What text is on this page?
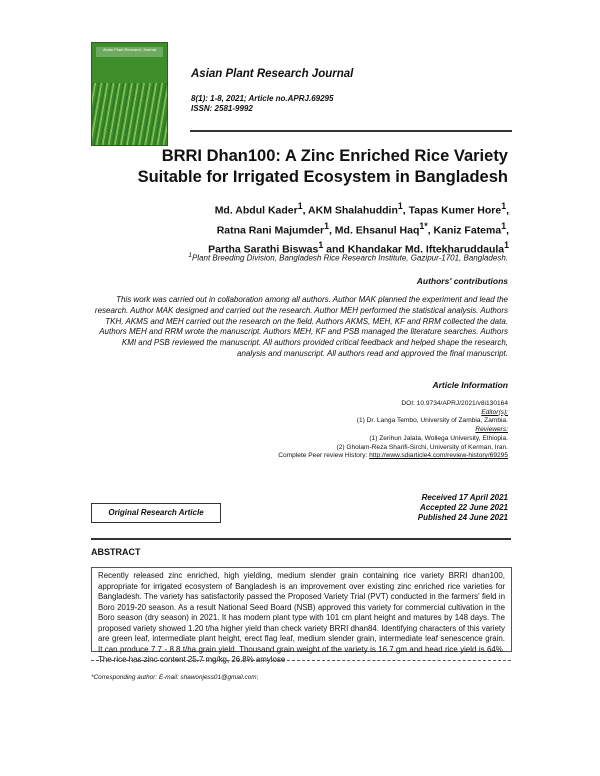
Asian Plant Research Journal
Asian Plant Research Journal
8(1): 1-8, 2021; Article no.APRJ.69295
ISSN: 2581-9992
BRRI Dhan100: A Zinc Enriched Rice Variety
Suitable for Irrigated Ecosystem in Bangladesh
Md. Abdul Kader$^1$, AKM Shalahuddin$^1$, Tapas Kumer Hore$^1$,
Ratna Rani Majumder$^1$, Md. Ehsanul Haq$^{1*}$, Kaniz Fatema$^1$,
Partha Sarathi Biswas$^1$ and Khandakar Md. Iftekharuddaula$^1$
$^1$Plant Breeding Division, Bangladesh Rice Research Institute, Gazipur-1701, Bangladesh.
Authors' contributions
This work was carried out in collaboration among all authors. Author MAK planned the experiment and lead the research. Author MAK designed and carried out the research. Author MEH performed the statistical analysis. Authors TKH, AKMS and MEH carried out the research on the field. Authors AKMS, MEH, KF and RRM collected the data. Authors MEH and RRM wrote the manuscript. Authors MEH, KF and PSB managed the literature searches. Authors KMI and PSB reviewed the manuscript. All authors provided critical feedback and helped shape the research, analysis and manuscript. All authors read and approved the final manuscript.
Article Information
DOI: 10.9734/APRJ/2021/v8i130164
Editor(s):
(1) Dr. Langa Tembo, University of Zambia, Zambia.
Reviewers:
(1) Zerihun Jalata, Wollega University, Ethiopia.
(2) Gholam-Reza Sharifi-Sirchi, University of Kerman, Iran.
Complete Peer review History: http://www.sdiarticle4.com/review-history/69295
Original Research Article
Received 17 April 2021
Accepted 22 June 2021
Published 24 June 2021
ABSTRACT
Recently released zinc enriched, high yielding, medium slender grain containing rice variety BRRI dhan100, appropriate for irrigated ecosystem of Bangladesh is an improvement over existing zinc enriched rice varieties for Bangladesh. The variety has satisfactorily passed the Proposed Variety Trial (PVT) conducted in the farmers' field in Boro 2019-20 season. As a result National Seed Board (NSB) approved this variety for commercial cultivation in the Boro season (dry season) in 2021. It has modern plant type with 101 cm plant height and matures by 148 days. The proposed variety showed 1.20 t/ha higher yield than check variety BRRI dhan84. Identifying characters of this variety are green leaf, intermediate plant height, erect flag leaf, medium slender grain, intermediate leaf senescence grain. It can produce 7.7 - 8.8 t/ha grain yield. Thousand grain weight of the variety is 16.7 gm and head rice yield is 64%. The rice has zinc content 25.7 mg/kg, 26.8% amylose
*Corresponding author: E-mail: shawonjess01@gmail.com;
